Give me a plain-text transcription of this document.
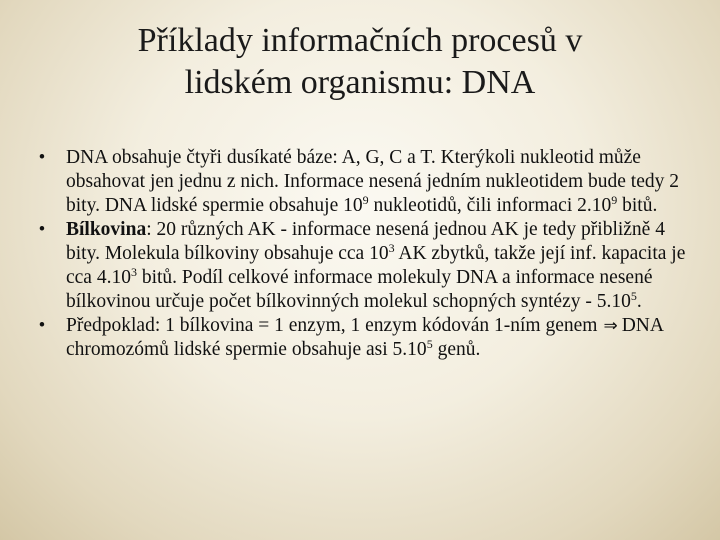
Příklady informačních procesů v
lidském organismu: DNA

•	DNA obsahuje čtyři dusíkaté báze: A, G, C a T. Kterýkoli nukleotid může obsahovat jen jednu z nich. Informace nesená jedním nukleotidem bude tedy 2 bity. DNA lidské spermie obsahuje $10^9$ nukleotidů, čili informaci 2.10$^9$ bitů.

•	Bílkovina: 20 různých AK - informace nesená jednou AK je tedy přibližně 4 bity. Molekula bílkoviny obsahuje cca $10^3$ AK zbytků, takže její inf. kapacita je cca 4.10$^3$ bitů. Podíl celkové informace molekuly DNA a informace nesené bílkovinou určuje počet bílkovinných molekul schopných syntézy - 5.10$^5$.

•	Předpoklad: 1 bílkovina = 1 enzym, 1 enzym kódován 1-ním genem ⇒ DNA chromozómů lidské spermie obsahuje asi 5.10$^5$ genů.
